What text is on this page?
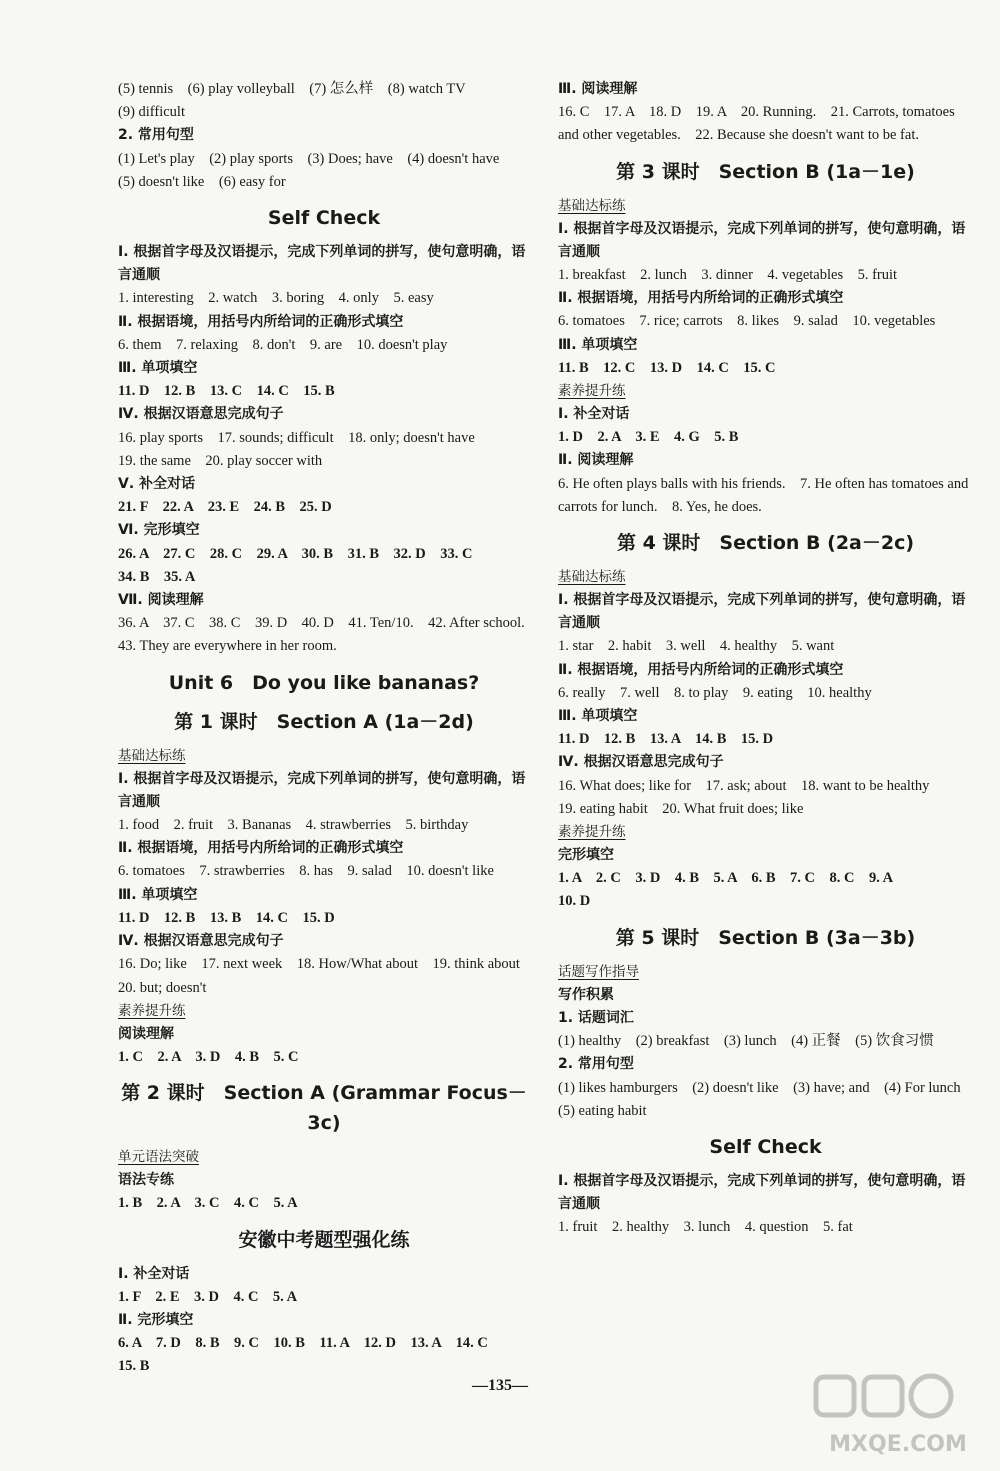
(5) tennis　(6) play volleyball　(7) 怎么样　(8) watch TV
(9) difficult
2. 常用句型
(1) Let's play　(2) play sports　(3) Does; have　(4) doesn't have　(5) doesn't like　(6) easy for
Self Check
Ⅰ. 根据首字母及汉语提示，完成下列单词的拼写，使句意明确，语言通顺
1. interesting　2. watch　3. boring　4. only　5. easy
Ⅱ. 根据语境，用括号内所给词的正确形式填空
6. them　7. relaxing　8. don't　9. are　10. doesn't play
Ⅲ. 单项填空
11. D　12. B　13. C　14. C　15. B
Ⅳ. 根据汉语意思完成句子
16. play sports　17. sounds; difficult　18. only; doesn't have
19. the same　20. play soccer with
Ⅴ. 补全对话
21. F　22. A　23. E　24. B　25. D
Ⅵ. 完形填空
26. A　27. C　28. C　29. A　30. B　31. B　32. D　33. C
34. B　35. A
Ⅶ. 阅读理解
36. A　37. C　38. C　39. D　40. D　41. Ten/10.　42. After school.　43. They are everywhere in her room.
Unit 6　Do you like bananas?
第 1 课时　Section A (1a－2d)
基础达标练
Ⅰ. 根据首字母及汉语提示，完成下列单词的拼写，使句意明确，语言通顺
1. food　2. fruit　3. Bananas　4. strawberries　5. birthday
Ⅱ. 根据语境，用括号内所给词的正确形式填空
6. tomatoes　7. strawberries　8. has　9. salad　10. doesn't like
Ⅲ. 单项填空
11. D　12. B　13. B　14. C　15. D
Ⅳ. 根据汉语意思完成句子
16. Do; like　17. next week　18. How/What about　19. think about　20. but; doesn't
素养提升练
阅读理解
1. C　2. A　3. D　4. B　5. C
第 2 课时　Section A (Grammar Focus－3c)
单元语法突破
语法专练
1. B　2. A　3. C　4. C　5. A
安徽中考题型强化练
Ⅰ. 补全对话
1. F　2. E　3. D　4. C　5. A
Ⅱ. 完形填空
6. A　7. D　8. B　9. C　10. B　11. A　12. D　13. A　14. C
15. B
Ⅲ. 阅读理解
16. C　17. A　18. D　19. A　20. Running.　21. Carrots, tomatoes and other vegetables.　22. Because she doesn't want to be fat.
第 3 课时　Section B (1a－1e)
基础达标练
Ⅰ. 根据首字母及汉语提示，完成下列单词的拼写，使句意明确，语言通顺
1. breakfast　2. lunch　3. dinner　4. vegetables　5. fruit
Ⅱ. 根据语境，用括号内所给词的正确形式填空
6. tomatoes　7. rice; carrots　8. likes　9. salad　10. vegetables
Ⅲ. 单项填空
11. B　12. C　13. D　14. C　15. C
素养提升练
Ⅰ. 补全对话
1. D　2. A　3. E　4. G　5. B
Ⅱ. 阅读理解
6. He often plays balls with his friends.　7. He often has tomatoes and carrots for lunch.　8. Yes, he does.
第 4 课时　Section B (2a－2c)
基础达标练
Ⅰ. 根据首字母及汉语提示，完成下列单词的拼写，使句意明确，语言通顺
1. star　2. habit　3. well　4. healthy　5. want
Ⅱ. 根据语境，用括号内所给词的正确形式填空
6. really　7. well　8. to play　9. eating　10. healthy
Ⅲ. 单项填空
11. D　12. B　13. A　14. B　15. D
Ⅳ. 根据汉语意思完成句子
16. What does; like for　17. ask; about　18. want to be healthy
19. eating habit　20. What fruit does; like
素养提升练
完形填空
1. A　2. C　3. D　4. B　5. A　6. B　7. C　8. C　9. A
10. D
第 5 课时　Section B (3a－3b)
话题写作指导
写作积累
1. 话题词汇
(1) healthy　(2) breakfast　(3) lunch　(4) 正餐　(5) 饮食习惯
2. 常用句型
(1) likes hamburgers　(2) doesn't like　(3) have; and　(4) For lunch　(5) eating habit
Self Check
Ⅰ. 根据首字母及汉语提示，完成下列单词的拼写，使句意明确，语言通顺
1. fruit　2. healthy　3. lunch　4. question　5. fat
—135—
MXQE.COM
